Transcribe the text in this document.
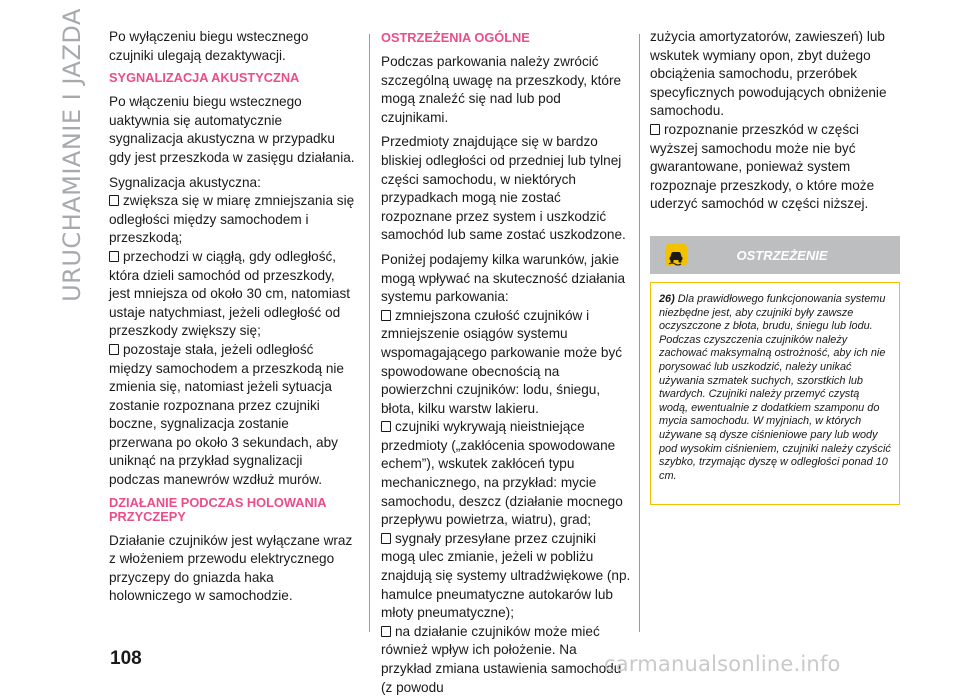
URUCHAMIANIE I JAZDA Po wyłączeniu biegu wstecznego czujniki ulegają dezaktywacji.

SYGNALIZACJA AKUSTYCZNA

Po włączeniu biegu wstecznego uaktywnia się automatycznie sygnalizacja akustyczna w przypadku gdy jest przeszkoda w zasięgu działania.

Sygnalizacja akustyczna:

zwiększa się w miarę zmniejszania się odległości między samochodem i przeszkodą;

przechodzi w ciągłą, gdy odległość, która dzieli samochód od przeszkody, jest mniejsza od około 30 cm, natomiast ustaje natychmiast, jeżeli odległość od przeszkody zwiększy się;

pozostaje stała, jeżeli odległość między samochodem a przeszkodą nie zmienia się, natomiast jeżeli sytuacja zostanie rozpoznana przez czujniki boczne, sygnalizacja zostanie przerwana po około 3 sekundach, aby uniknąć na przykład sygnalizacji podczas manewrów wzdłuż murów.

DZIAŁANIE PODCZAS HOLOWANIA PRZYCZEPY

Działanie czujników jest wyłączane wraz z włożeniem przewodu elektrycznego przyczepy do gniazda haka holowniczego w samochodzie.

OSTRZEŻENIA OGÓLNE

Podczas parkowania należy zwrócić szczególną uwagę na przeszkody, które mogą znaleźć się nad lub pod czujnikami.

Przedmioty znajdujące się w bardzo bliskiej odległości od przedniej lub tylnej części samochodu, w niektórych przypadkach mogą nie zostać rozpoznane przez system i uszkodzić samochód lub same zostać uszkodzone.

Poniżej podajemy kilka warunków, jakie mogą wpływać na skuteczność działania systemu parkowania:

zmniejszona czułość czujników i zmniejszenie osiągów systemu wspomagającego parkowanie może być spowodowane obecnością na powierzchni czujników: lodu, śniegu, błota, kilku warstw lakieru.

czujniki wykrywają nieistniejące przedmioty („zakłócenia spowodowane echem”), wskutek zakłóceń typu mechanicznego, na przykład: mycie samochodu, deszcz (działanie mocnego przepływu powietrza, wiatru), grad;

sygnały przesyłane przez czujniki mogą ulec zmianie, jeżeli w pobliżu znajdują się systemy ultradźwiękowe (np. hamulce pneumatyczne autokarów lub młoty pneumatyczne);

na działanie czujników może mieć również wpływ ich położenie. Na przykład zmiana ustawienia samochodu (z powodu

zużycia amortyzatorów, zawieszeń) lub wskutek wymiany opon, zbyt dużego obciążenia samochodu, przeróbek specyficznych powodujących obniżenie samochodu.

rozpoznanie przeszkód w części wyższej samochodu może nie być gwarantowane, ponieważ system rozpoznaje przeszkody, o które może uderzyć samochód w części niższej.

OSTRZEŻENIE
26) Dla prawidłowego funkcjonowania systemu niezbędne jest, aby czujniki były zawsze oczyszczone z błota, brudu, śniegu lub lodu. Podczas czyszczenia czujników należy zachować maksymalną ostrożność, aby ich nie porysować lub uszkodzić, należy unikać używania szmatek suchych, szorstkich lub twardych. Czujniki należy przemyć czystą wodą, ewentualnie z dodatkiem szamponu do mycia samochodu. W myjniach, w których używane są dysze ciśnieniowe pary lub wody pod wysokim ciśnieniem, czujniki należy czyścić szybko, trzymając dyszę w odległości ponad 10 cm.
108	carmanualsonline.info
